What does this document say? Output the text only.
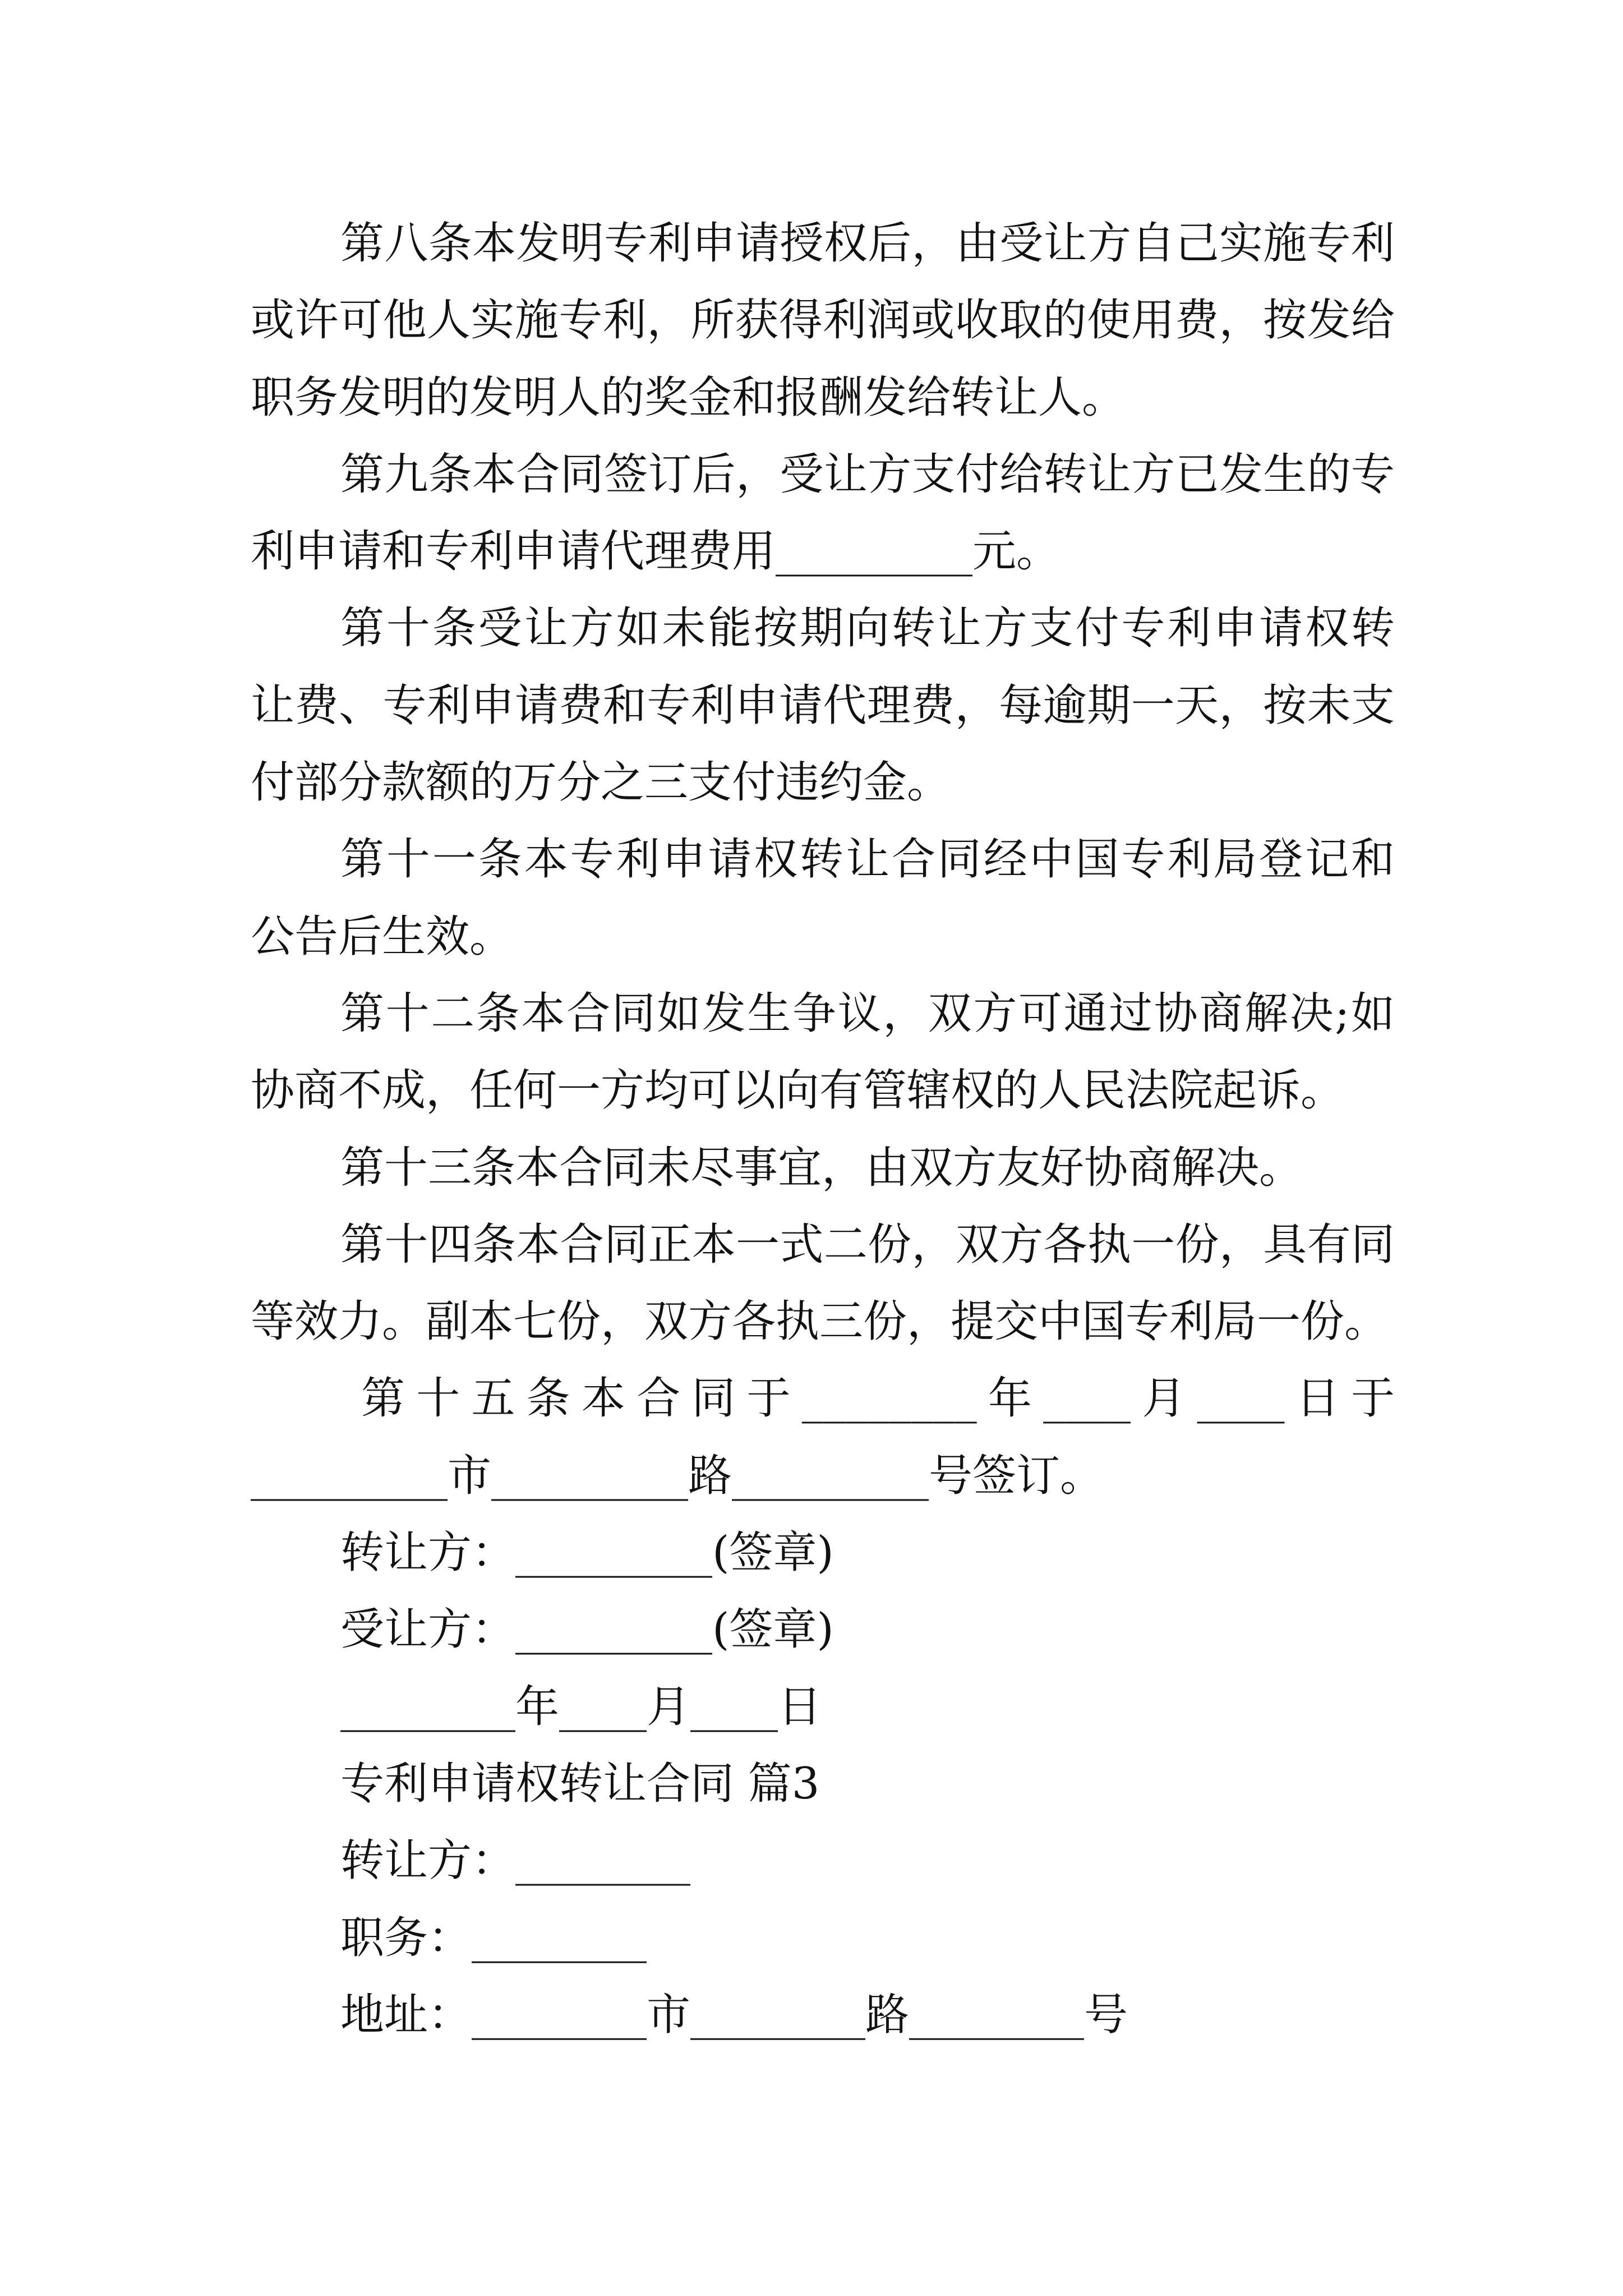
第八条本发明专利申请授权后，由受让方自己实施专利
或许可他人实施专利，所获得利润或收取的使用费，按发给
职务发明的发明人的奖金和报酬发给转让人。
第九条本合同签订后，受让方支付给转让方已发生的专
利申请和专利申请代理费用_________元。
第十条受让方如未能按期向转让方支付专利申请权转
让费、专利申请费和专利申请代理费，每逾期一天，按未支
付部分款额的万分之三支付违约金。
第十一条本专利申请权转让合同经中国专利局登记和
公告后生效。
第十二条本合同如发生争议，双方可通过协商解决;如
协商不成，任何一方均可以向有管辖权的人民法院起诉。
第十三条本合同未尽事宜，由双方友好协商解决。
第十四条本合同正本一式二份，双方各执一份，具有同
等效力。副本七份，双方各执三份，提交中国专利局一份。
第十五条本合同于________年____月____日于
_________市_________路_________号签订。
转让方：_________(签章)
受让方：_________(签章)
________年____月____日
专利申请权转让合同 篇3
转让方：________
职务：________
地址：________市________路________号
